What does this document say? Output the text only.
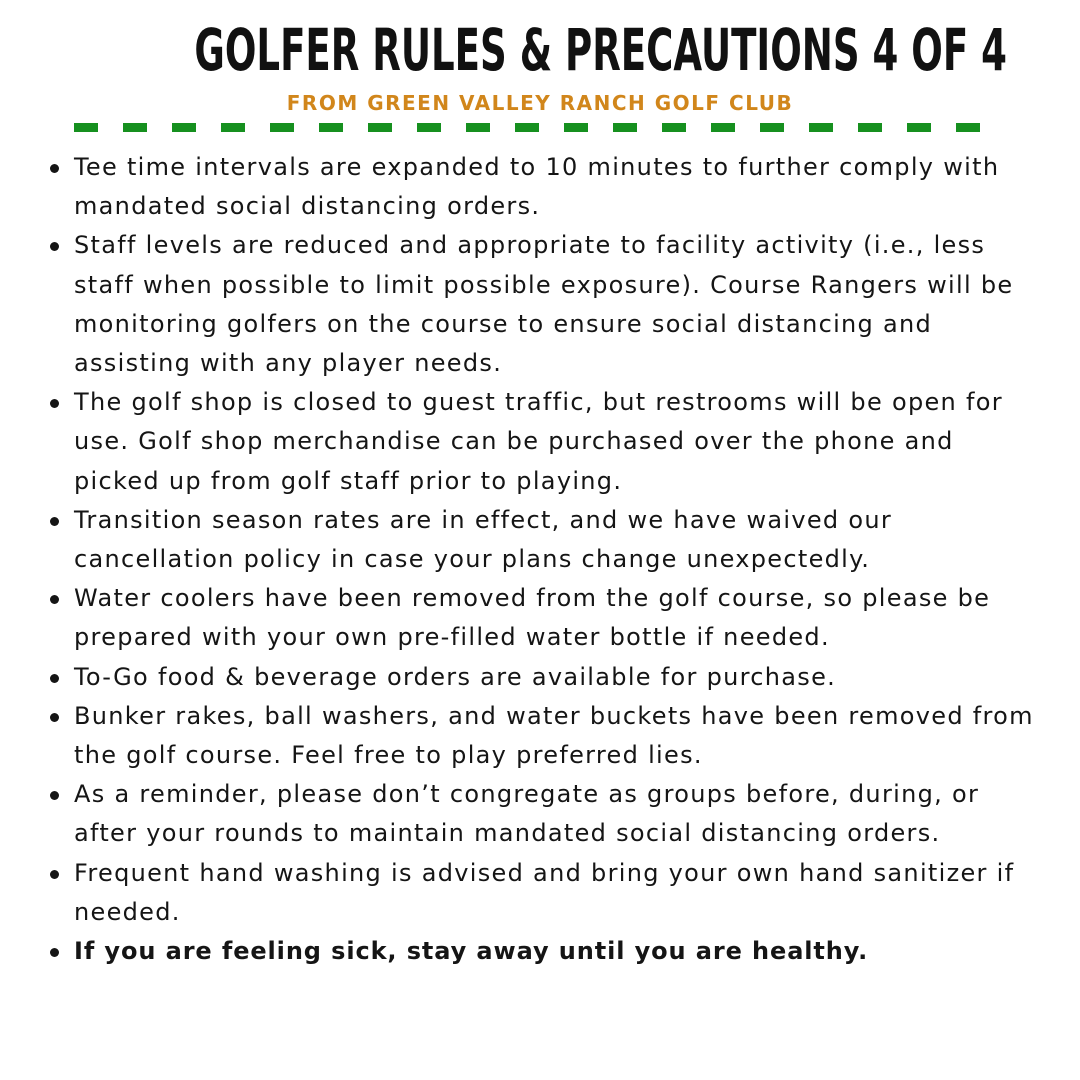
GOLFER RULES & PRECAUTIONS 4 OF 4
FROM GREEN VALLEY RANCH GOLF CLUB
Tee time intervals are expanded to 10 minutes to further comply with mandated social distancing orders.
Staff levels are reduced and appropriate to facility activity (i.e., less staff when possible to limit possible exposure). Course Rangers will be monitoring golfers on the course to ensure social distancing and assisting with any player needs.
The golf shop is closed to guest traffic, but restrooms will be open for use. Golf shop merchandise can be purchased over the phone and picked up from golf staff prior to playing.
Transition season rates are in effect, and we have waived our cancellation policy in case your plans change unexpectedly.
Water coolers have been removed from the golf course, so please be prepared with your own pre-filled water bottle if needed.
To-Go food & beverage orders are available for purchase.
Bunker rakes, ball washers, and water buckets have been removed from the golf course. Feel free to play preferred lies.
As a reminder, please don’t congregate as groups before, during, or after your rounds to maintain mandated social distancing orders.
Frequent hand washing is advised and bring your own hand sanitizer if needed.
If you are feeling sick, stay away until you are healthy.
